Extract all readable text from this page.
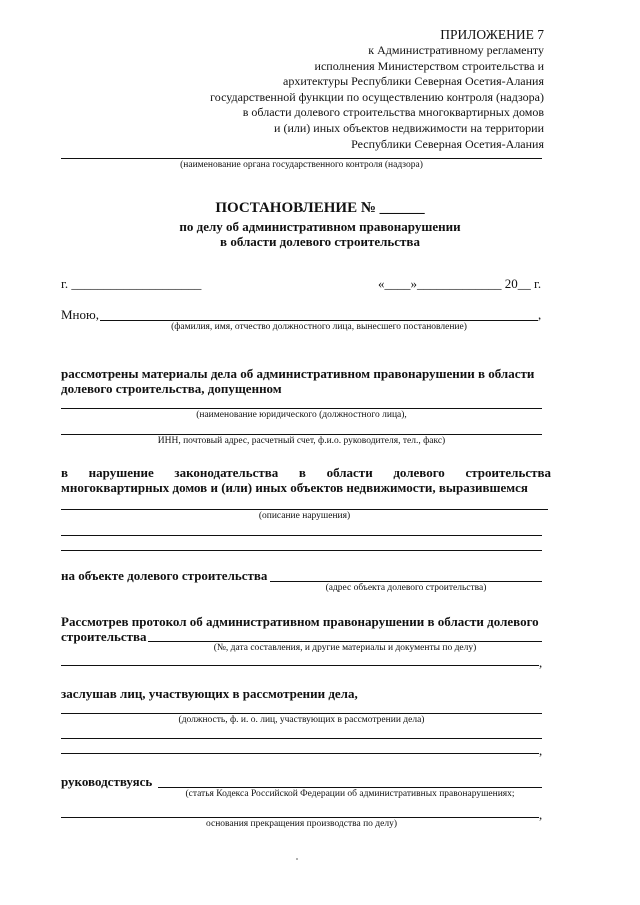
ПРИЛОЖЕНИЕ 7
к Административному регламенту
исполнения Министерством строительства и
архитектуры Республики Северная Осетия-Алания
государственной функции по осуществлению контроля (надзора)
в области долевого строительства многоквартирных домов
и (или) иных объектов недвижимости на территории
Республики Северная Осетия-Алания
(наименование органа государственного контроля (надзора)
ПОСТАНОВЛЕНИЕ № ______
по делу об административном правонарушении
в области долевого строительства
г. ____________________	«____»_____________ 20__ г.
Мною,	,
(фамилия, имя, отчество должностного лица, вынесшего постановление)
рассмотрены материалы дела об административном правонарушении в области
долевого строительства, допущенном
(наименование юридического (должностного лица),
ИНН, почтовый адрес, расчетный счет, ф.и.о. руководителя, тел., факс)
в нарушение законодательства в области долевого строительства
многоквартирных домов и (или) иных объектов недвижимости, выразившемся
(описание нарушения)
на объекте долевого строительства
(адрес объекта долевого строительства)
Рассмотрев протокол об административном правонарушении в области долевого
строительства
(№, дата составления, и другие материалы и документы по делу)
,
заслушав лиц, участвующих в рассмотрении дела,
(должность, ф. и. о. лиц, участвующих в рассмотрении дела)
,
руководствуясь
(статья Кодекса Российской Федерации об административных правонарушениях;
,
основания прекращения производства по делу)
